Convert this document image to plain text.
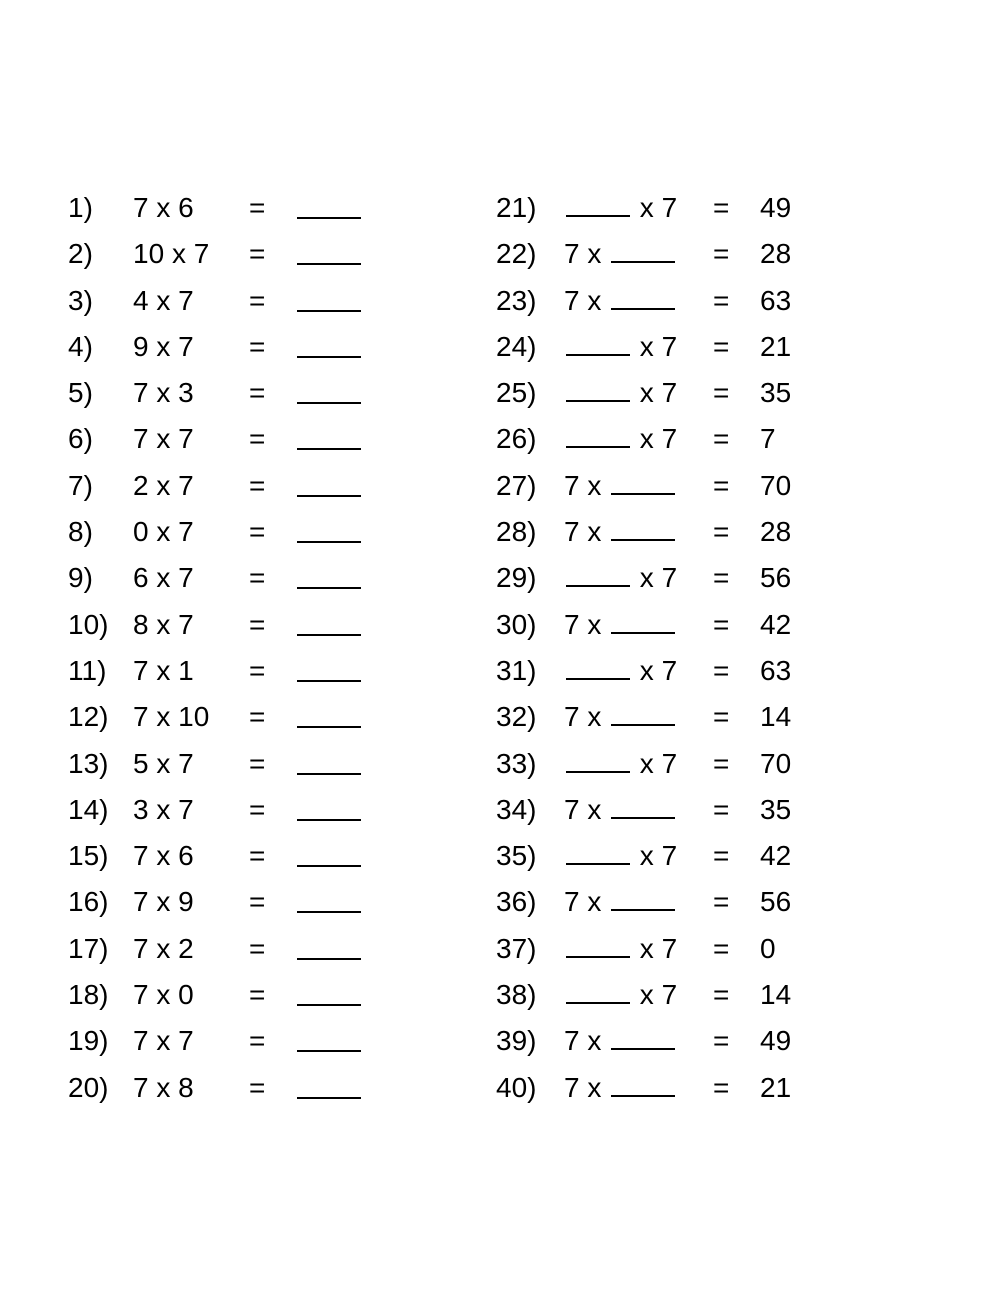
1) 7 x 6 =
2) 10 x 7 =
3) 4 x 7 =
4) 9 x 7 =
5) 7 x 3 =
6) 7 x 7 =
7) 2 x 7 =
8) 0 x 7 =
9) 6 x 7 =
10) 8 x 7 =
11) 7 x 1 =
12) 7 x 10 =
13) 5 x 7 =
14) 3 x 7 =
15) 7 x 6 =
16) 7 x 9 =
17) 7 x 2 =
18) 7 x 0 =
19) 7 x 7 =
20) 7 x 8 =
21)	x 7 = 49
22) 7 x	= 28
23) 7 x	= 63
24)	x 7 = 21
25)	x 7 = 35
26)	x 7 = 7
27) 7 x	= 70
28) 7 x	= 28
29)	x 7 = 56
30) 7 x	= 42
31)	x 7 = 63
32) 7 x	= 14
33)	x 7 = 70
34) 7 x	= 35
35)	x 7 = 42
36) 7 x	= 56
37)	x 7 = 0
38)	x 7 = 14
39) 7 x	= 49
40) 7 x	= 21
